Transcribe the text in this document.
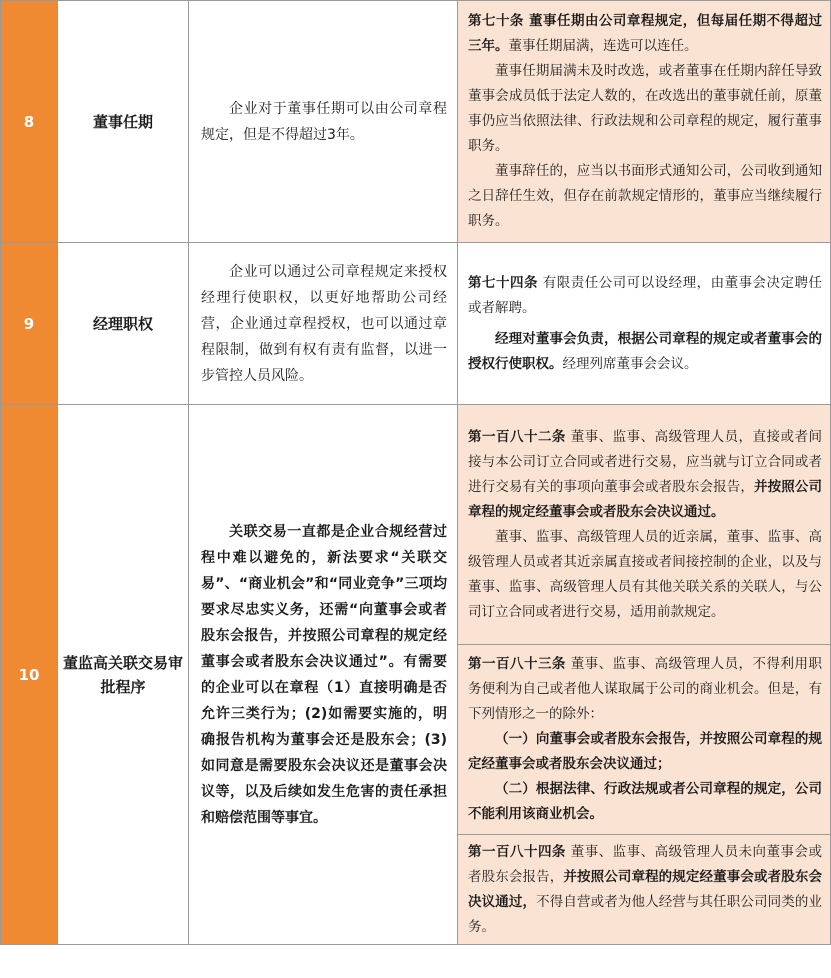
8	董事任期	企业对于董事任期可以由公司章程规定，但是不得超过3年。	第七十条 董事任期由公司章程规定，但每届任期不得超过三年。董事任期届满，连选可以连任。

董事任期届满未及时改选，或者董事在任期内辞任导致董事会成员低于法定人数的，在改选出的董事就任前，原董事仍应当依照法律、行政法规和公司章程的规定，履行董事职务。

董事辞任的，应当以书面形式通知公司，公司收到通知之日辞任生效，但存在前款规定情形的，董事应当继续履行职务。

9	经理职权	企业可以通过公司章程规定来授权经理行使职权，以更好地帮助公司经营，企业通过章程授权，也可以通过章程限制，做到有权有责有监督，以进一步管控人员风险。	第七十四条 有限责任公司可以设经理，由董事会决定聘任或者解聘。

经理对董事会负责，根据公司章程的规定或者董事会的授权行使职权。经理列席董事会会议。

10	董监高关联交易审批程序	关联交易一直都是企业合规经营过程中难以避免的，新法要求“关联交易”、“商业机会”和“同业竞争”三项均要求尽忠实义务，还需“向董事会或者股东会报告，并按照公司章程的规定经董事会或者股东会决议通过”。有需要的企业可以在章程（1）直接明确是否允许三类行为；(2)如需要实施的，明确报告机构为董事会还是股东会；(3)如同意是需要股东会决议还是董事会决议等，以及后续如发生危害的责任承担和赔偿范围等事宜。	第一百八十二条 董事、监事、高级管理人员，直接或者间接与本公司订立合同或者进行交易，应当就与订立合同或者进行交易有关的事项向董事会或者股东会报告，并按照公司章程的规定经董事会或者股东会决议通过。

董事、监事、高级管理人员的近亲属，董事、监事、高级管理人员或者其近亲属直接或者间接控制的企业，以及与董事、监事、高级管理人员有其他关联关系的关联人，与公司订立合同或者进行交易，适用前款规定。

			第一百八十三条 董事、监事、高级管理人员，不得利用职务便利为自己或者他人谋取属于公司的商业机会。但是，有下列情形之一的除外：

（一）向董事会或者股东会报告，并按照公司章程的规定经董事会或者股东会决议通过；

（二）根据法律、行政法规或者公司章程的规定，公司不能利用该商业机会。

			第一百八十四条 董事、监事、高级管理人员未向董事会或者股东会报告，并按照公司章程的规定经董事会或者股东会决议通过，不得自营或者为他人经营与其任职公司同类的业务。
